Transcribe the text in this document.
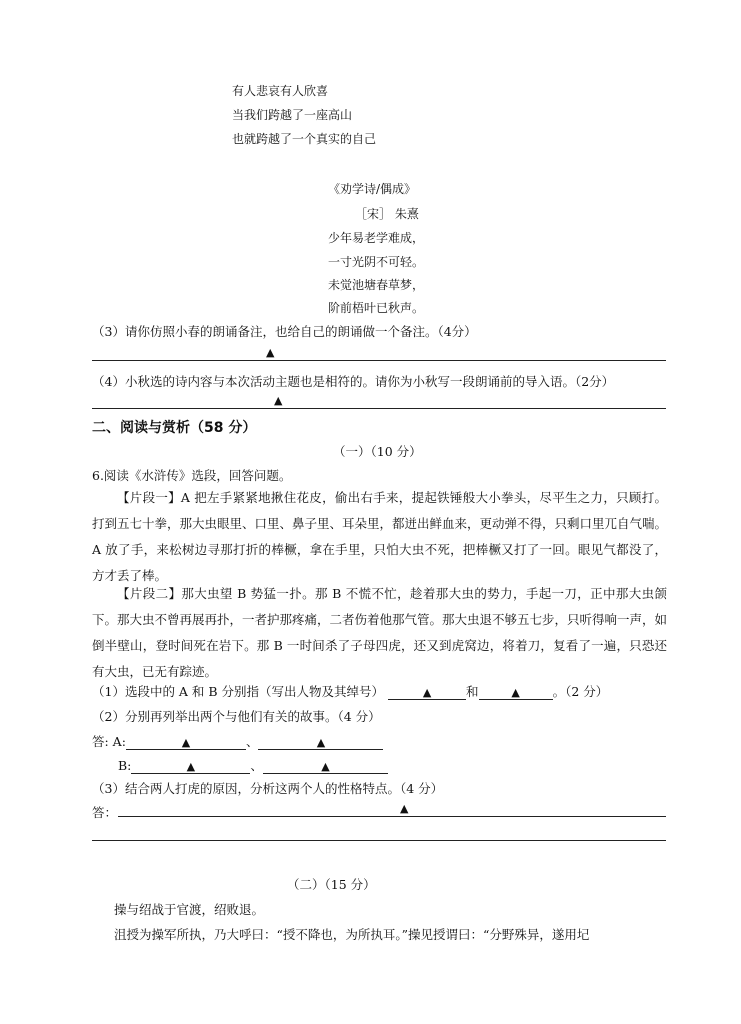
有人悲哀有人欣喜
当我们跨越了一座高山
也就跨越了一个真实的自己
《劝学诗/偶成》
［宋］ 朱熹
少年易老学难成，
一寸光阴不可轻。
未觉池塘春草梦，
阶前梧叶已秋声。
（3）请你仿照小春的朗诵备注，也给自己的朗诵做一个备注。（4分）
▲
（4）小秋选的诗内容与本次活动主题也是相符的。请你为小秋写一段朗诵前的导入语。（2分）
▲
二、阅读与赏析（58 分）
（一）（10 分）
6.阅读《水浒传》选段，回答问题。
【片段一】A 把左手紧紧地揪住花皮，偷出右手来，提起铁锤般大小拳头，尽平生之力，只顾打。打到五七十拳，那大虫眼里、口里、鼻子里、耳朵里，都迸出鲜血来，更动弹不得，只剩口里兀自气喘。A 放了手，来松树边寻那打折的棒橛，拿在手里，只怕大虫不死，把棒橛又打了一回。眼见气都没了，方才丢了棒。
【片段二】那大虫望 B 势猛一扑。那 B 不慌不忙，趁着那大虫的势力，手起一刀，正中那大虫颌下。那大虫不曾再展再扑，一者护那疼痛，二者伤着他那气管。那大虫退不够五七步，只听得响一声，如倒半壁山，登时间死在岩下。那 B 一时间杀了子母四虎，还又到虎窝边，将着刀，复看了一遍，只恐还有大虫，已无有踪迹。
（1）选段中的 A 和 B 分别指（写出人物及其绰号）	▲	和	▲	。（2 分）
（2）分别再列举出两个与他们有关的故事。（4 分）
答: A:	▲	、	▲
B:	▲	、	▲
（3）结合两人打虎的原因，分析这两个人的性格特点。（4 分）
答：	▲
（二）（15 分）
操与绍战于官渡，绍败退。
沮授为操军所执，乃大呼曰：“授不降也，为所执耳。”操见授谓曰：“分野殊异，遂用圮
